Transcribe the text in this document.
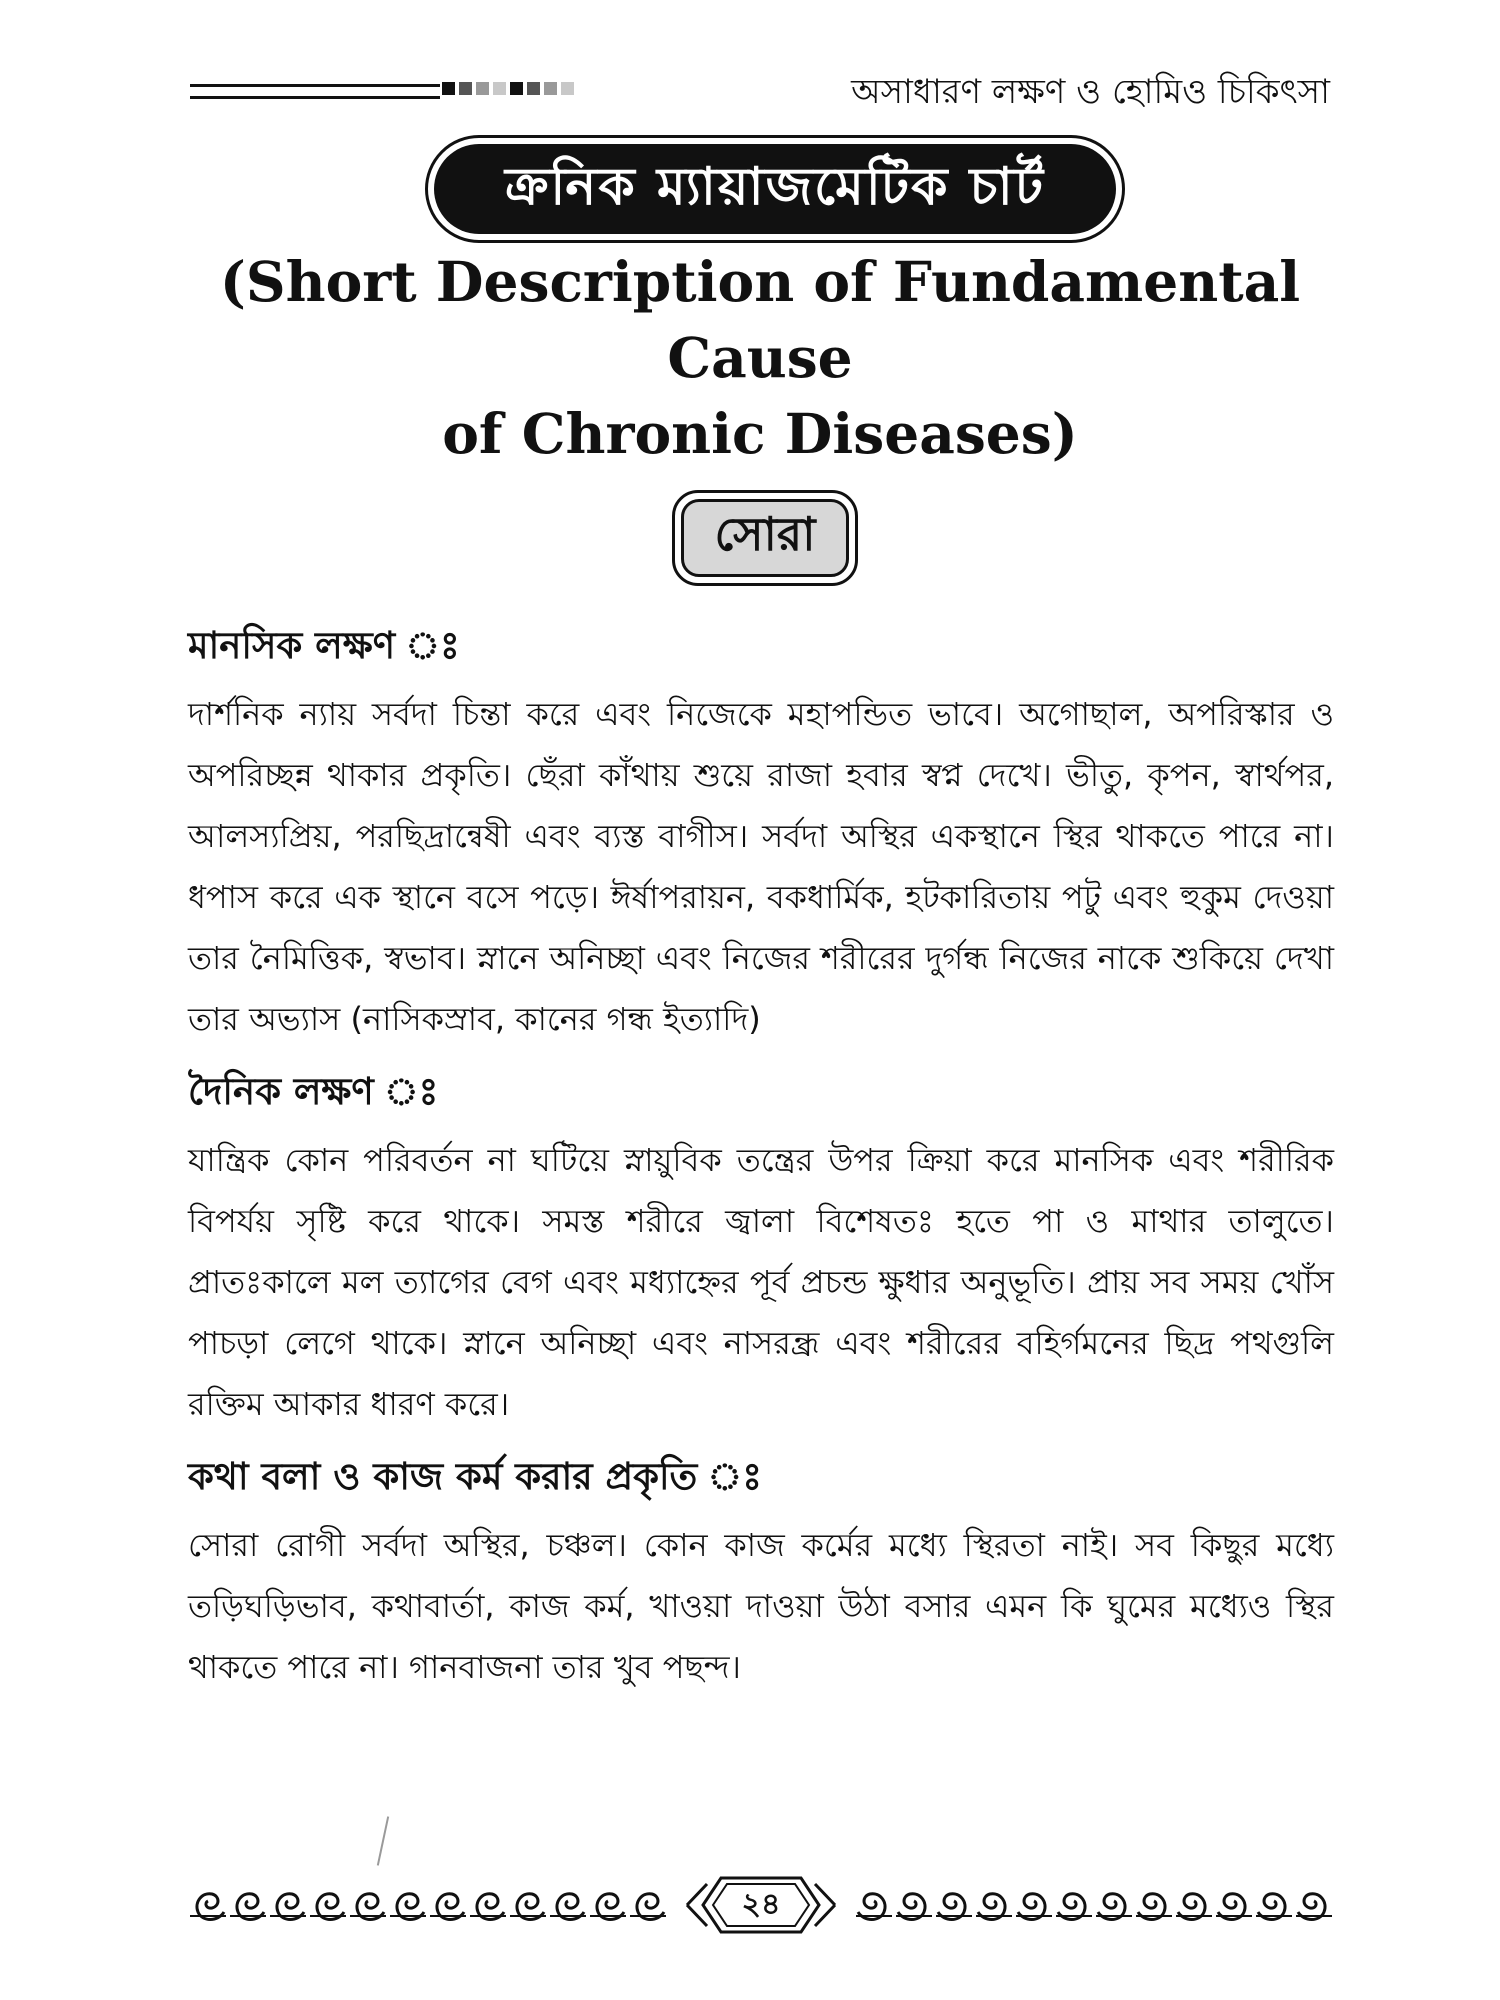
অসাধারণ লক্ষণ ও হোমিও চিকিৎসা
ক্রনিক ম্যায়াজমেটিক চার্ট
(Short Description of Fundamental Cause
of Chronic Diseases)
সোরা
মানসিক লক্ষণ ঃ
দার্শনিক ন্যায় সর্বদা চিন্তা করে এবং নিজেকে মহাপন্ডিত ভাবে। অগোছাল, অপরিস্কার ও অপরিচ্ছন্ন থাকার প্রকৃতি। ছেঁরা কাঁথায় শুয়ে রাজা হবার স্বপ্ন দেখে। ভীতু, কৃপন, স্বার্থপর, আলস্যপ্রিয়, পরছিদ্রান্বেষী এবং ব্যস্ত বাগীস। সর্বদা অস্থির একস্থানে স্থির থাকতে পারে না। ধপাস করে এক স্থানে বসে পড়ে। ঈর্ষাপরায়ন, বকধার্মিক, হটকারিতায় পটু এবং হুকুম দেওয়া তার নৈমিত্তিক, স্বভাব। স্নানে অনিচ্ছা এবং নিজের শরীরের দুর্গন্ধ নিজের নাকে শুকিয়ে দেখা তার অভ্যাস (নাসিকস্রাব, কানের গন্ধ ইত্যাদি)
দৈনিক লক্ষণ ঃ
যান্ত্রিক কোন পরিবর্তন না ঘটিয়ে স্নায়ুবিক তন্ত্রের উপর ক্রিয়া করে মানসিক এবং শরীরিক বিপর্যয় সৃষ্টি করে থাকে। সমস্ত শরীরে জ্বালা বিশেষতঃ হতে পা ও মাথার তালুতে। প্রাতঃকালে মল ত্যাগের বেগ এবং মধ্যাহ্নের পূর্ব প্রচন্ড ক্ষুধার অনুভূতি। প্রায় সব সময় খোঁস পাচড়া লেগে থাকে। স্নানে অনিচ্ছা এবং নাসরন্ধ্র এবং শরীরের বহির্গমনের ছিদ্র পথগুলি রক্তিম আকার ধারণ করে।
কথা বলা ও কাজ কর্ম করার প্রকৃতি ঃ
সোরা রোগী সর্বদা অস্থির, চঞ্চল। কোন কাজ কর্মের মধ্যে স্থিরতা নাই। সব কিছুর মধ্যে তড়িঘড়িভাব, কথাবার্তা, কাজ কর্ম, খাওয়া দাওয়া উঠা বসার এমন কি ঘুমের মধ্যেও স্থির থাকতে পারে না। গানবাজনা তার খুব পছন্দ।
২৪
